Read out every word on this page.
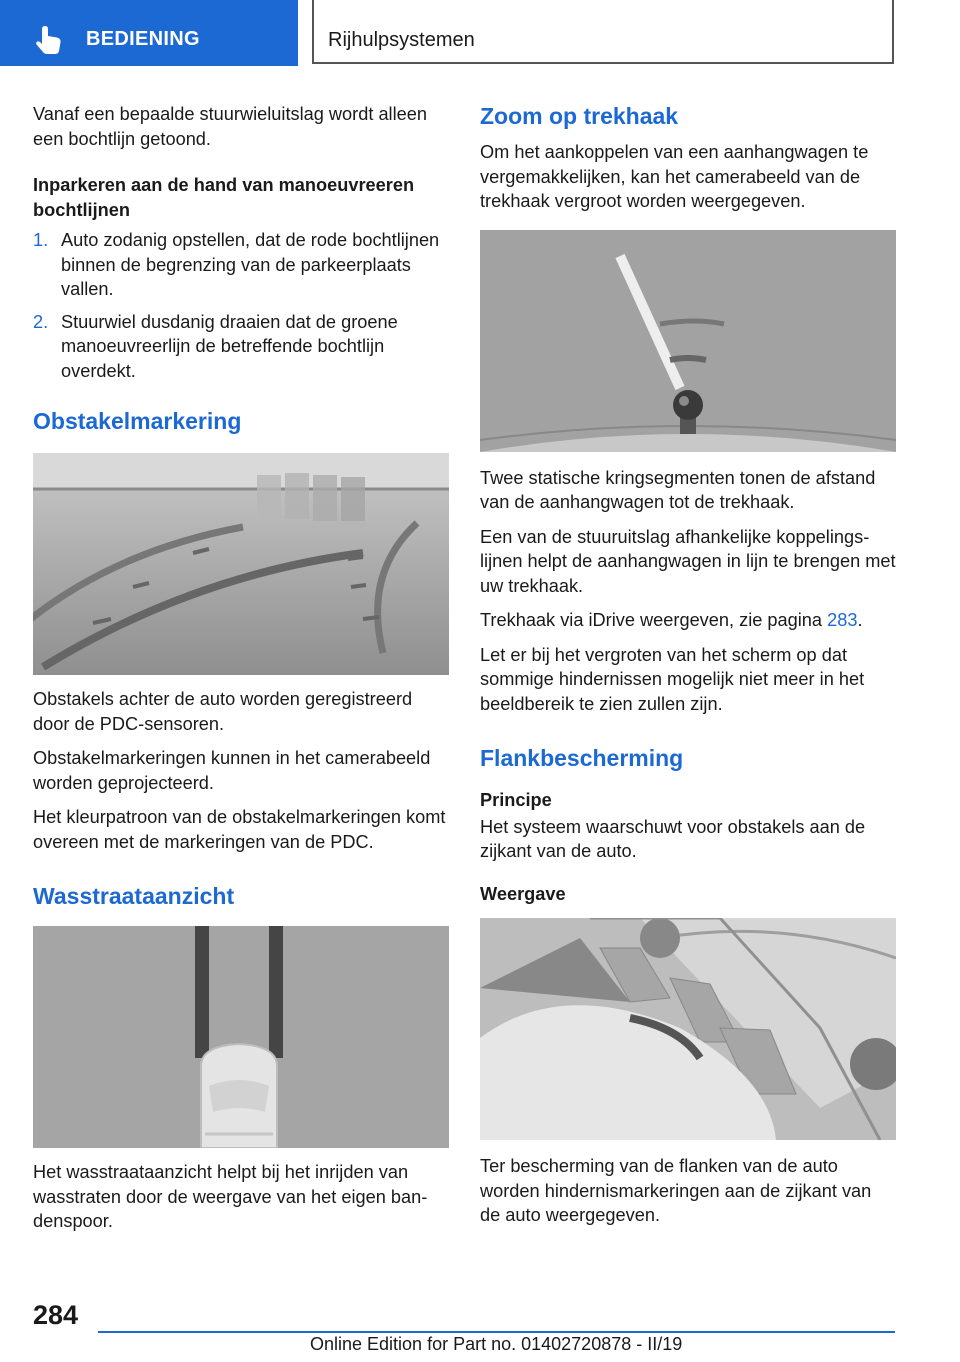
BEDIENING	Rijhulpsystemen

Vanaf een bepaalde stuurwieluitslag wordt alleen een bochtlijn getoond.

Inparkeren aan de hand van manoeuvreeren bochtlijnen
1. Auto zodanig opstellen, dat de rode bochtlijnen binnen de begrenzing van de parkeerplaats vallen.
2. Stuurwiel dusdanig draaien dat de groene manoeuvreerlijn de betreffende bochtlijn overdekt.
Obstakelmarkering

Obstakels achter de auto worden geregistreerd door de PDC-sensoren.

Obstakelmarkeringen kunnen in het camerabeeld worden geprojecteerd.

Het kleurpatroon van de obstakelmarkeringen komt overeen met de markeringen van de PDC.

Wasstraataanzicht

Het wasstraataanzicht helpt bij het inrijden van wasstraten door de weergave van het eigen bandenspoor.

Zoom op trekhaak

Om het aankoppelen van een aanhangwagen te vergemakkelijken, kan het camerabeeld van de trekhaak vergroot worden weergegeven.

Twee statische kringsegmenten tonen de afstand van de aanhangwagen tot de trekhaak.

Een van de stuuruitslag afhankelijke koppelingslijnen helpt de aanhangwagen in lijn te brengen met uw trekhaak.

Trekhaak via iDrive weergeven, zie pagina 283.

Let er bij het vergroten van het scherm op dat sommige hindernissen mogelijk niet meer in het beeldbereik te zien zullen zijn.

Flankbescherming
Principe

Het systeem waarschuwt voor obstakels aan de zijkant van de auto.

Weergave

Ter bescherming van de flanken van de auto worden hindernismarkeringen aan de zijkant van de auto weergegeven.

284
Online Edition for Part no. 01402720878 - II/19
